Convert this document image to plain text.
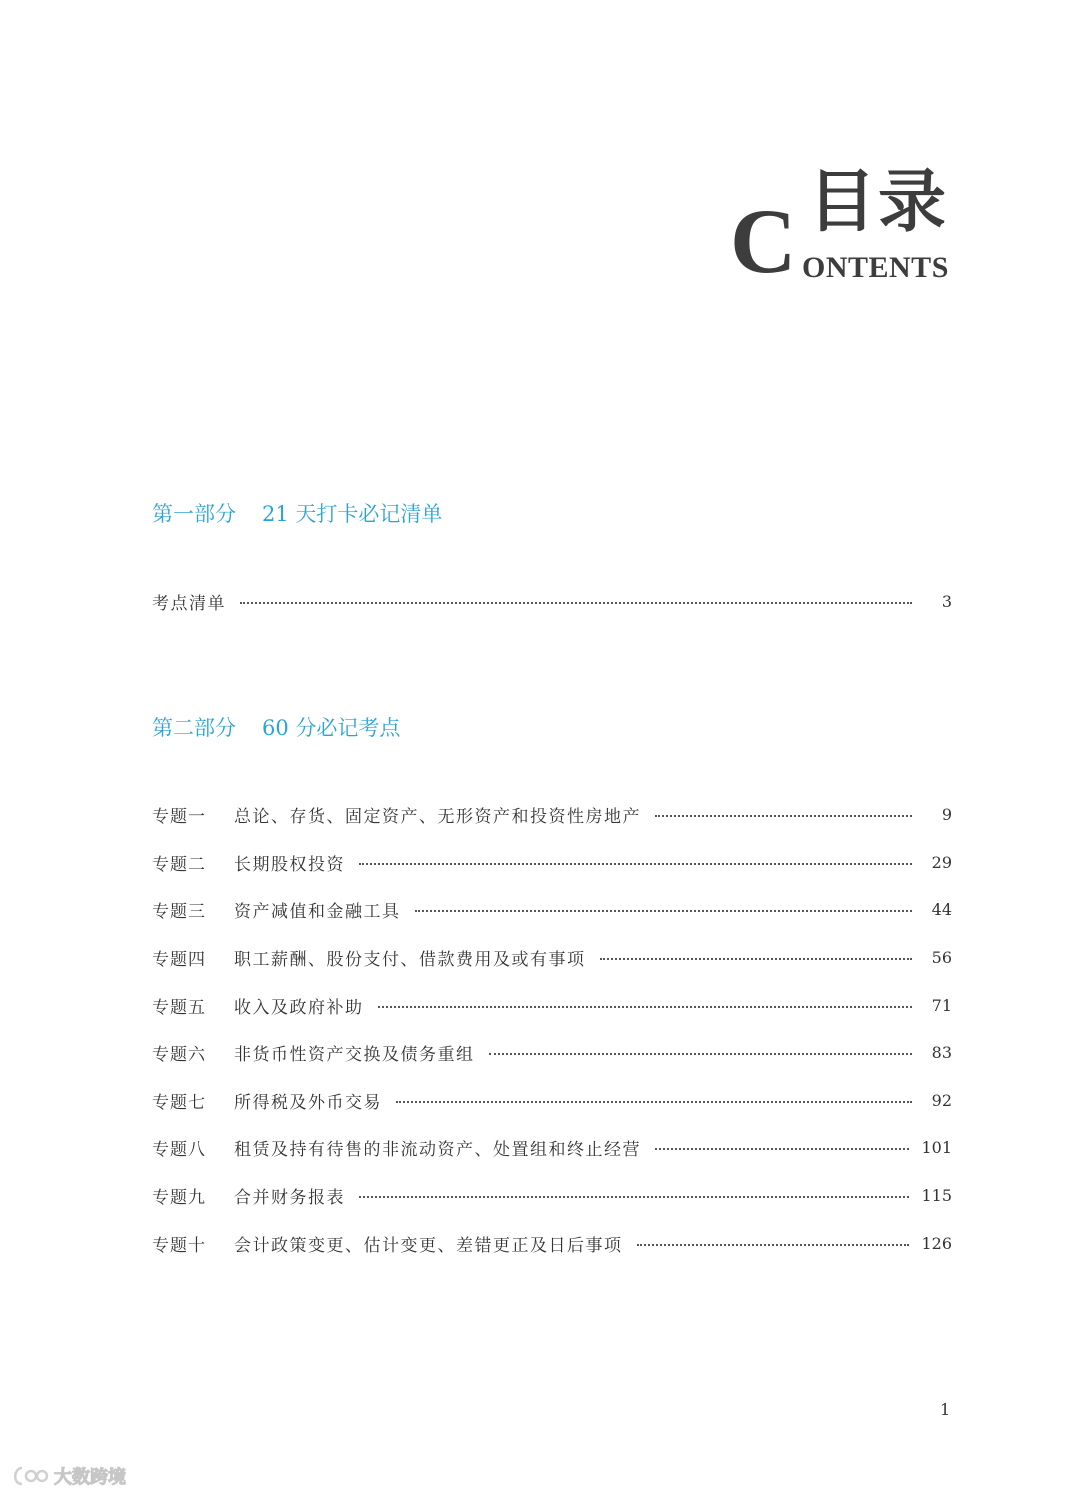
C 目录
ONTENTS
第一部分 21 天打卡必记清单
考点清单	3
第二部分 60 分必记考点
专题一	总论、存货、固定资产、无形资产和投资性房地产	9
专题二	长期股权投资	29
专题三	资产减值和金融工具	44
专题四	职工薪酬、股份支付、借款费用及或有事项	56
专题五	收入及政府补助	71
专题六	非货币性资产交换及债务重组	83
专题七	所得税及外币交易	92
专题八	租赁及持有待售的非流动资产、处置组和终止经营	101
专题九	合并财务报表	115
专题十	会计政策变更、估计变更、差错更正及日后事项	126
1
大数跨境
